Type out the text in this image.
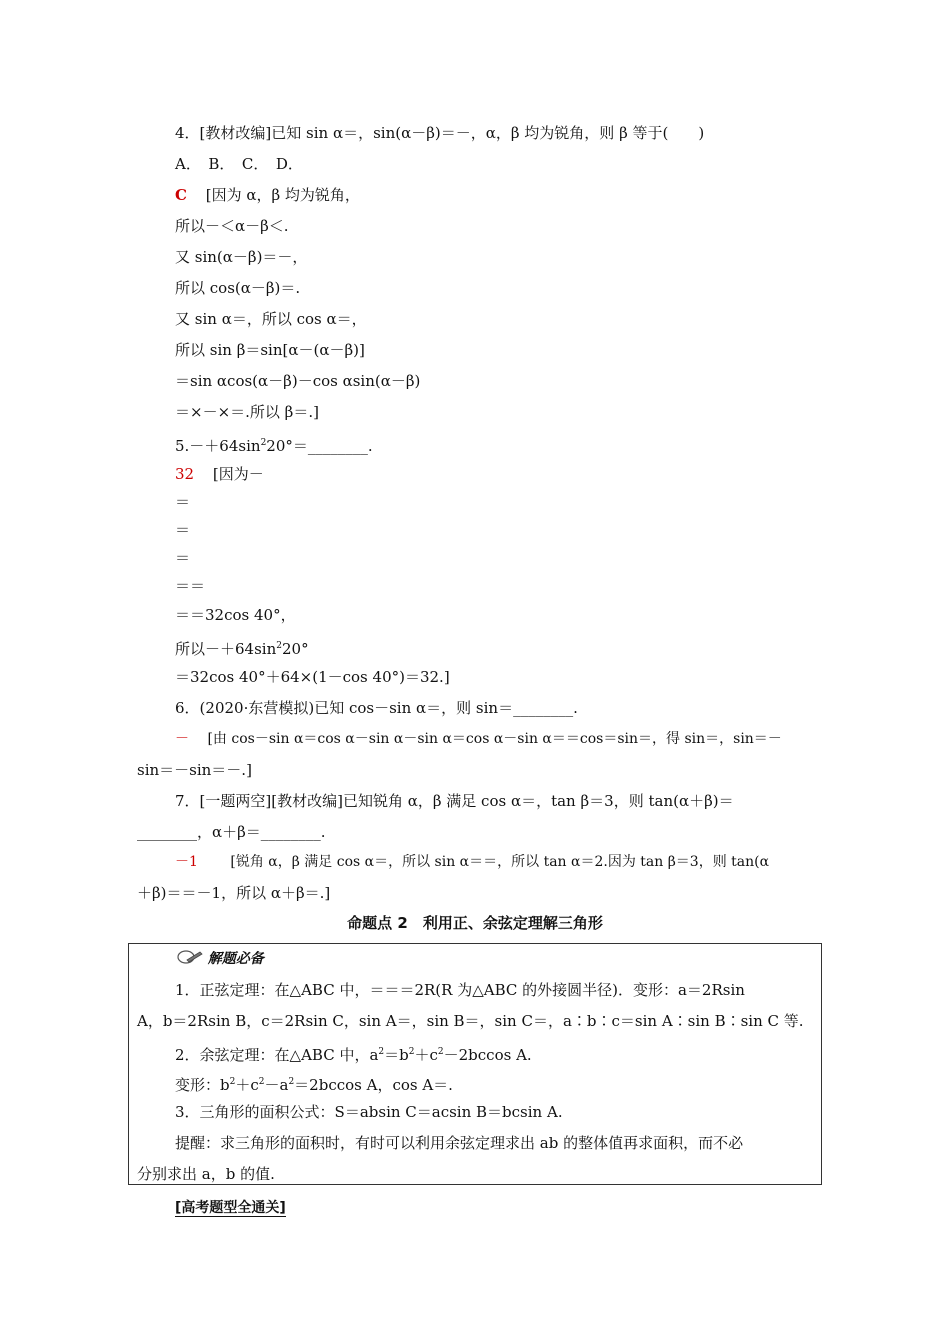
4．[教材改编]已知 sin α＝，sin(α－β)＝－，α，β 均为锐角，则 β 等于(　　)
A．　B．　C．　D．
C [因为 α，β 均为锐角，
所以－＜α－β＜.
又 sin(α－β)＝－，
所以 cos(α－β)＝.
又 sin α＝，所以 cos α＝，
所以 sin β＝sin[α－(α－β)]
＝sin αcos(α－β)－cos αsin(α－β)
＝×－×＝.所以 β＝.]
$5.-+64\sin^220^\circ=\_\_\_\_\_\_\_\_$.
32 [因为－
＝
＝
＝
＝＝
＝＝32cos 40°，
所以$-+64\sin^220^\circ$
＝32cos 40°＋64×(1－cos 40°)＝32.]
6．(2020·东营模拟)已知 cos－sin α＝，则 sin＝________.
－ [由 cos－sin α＝cos α－sin α－sin α＝cos α－sin α＝＝cos＝sin＝，得 sin＝，sin＝－
sin＝－sin＝－.]
7．[一题两空][教材改编]已知锐角 α，β 满足 cos α＝，tan β＝3，则 tan(α＋β)＝
________，α＋β＝________.
－1 [锐角 α，β 满足 cos α＝，所以 sin α＝＝，所以 tan α＝2.因为 tan β＝3，则 tan(α
＋β)＝＝－1，所以 α＋β＝.]
命题点 2　利用正、余弦定理解三角形
解题必备
1．正弦定理：在△ABC 中，＝＝＝2R(R 为△ABC 的外接圆半径)．变形：a＝2Rsin
A，b＝2Rsin B，c＝2Rsin C，sin A＝，sin B＝，sin C＝，a∶b∶c＝sin A∶sin B∶sin C 等.
2．余弦定理：在△ABC 中，$a^2=b^2+c^2-2bccos$ A.
变形：$b^2+c^2-a^2=2bccos$ A，cos A＝.
3．三角形的面积公式：S＝absin C＝acsin B＝bcsin A.
提醒：求三角形的面积时，有时可以利用余弦定理求出 ab 的整体值再求面积，而不必
分别求出 a，b 的值.
[高考题型全通关]
